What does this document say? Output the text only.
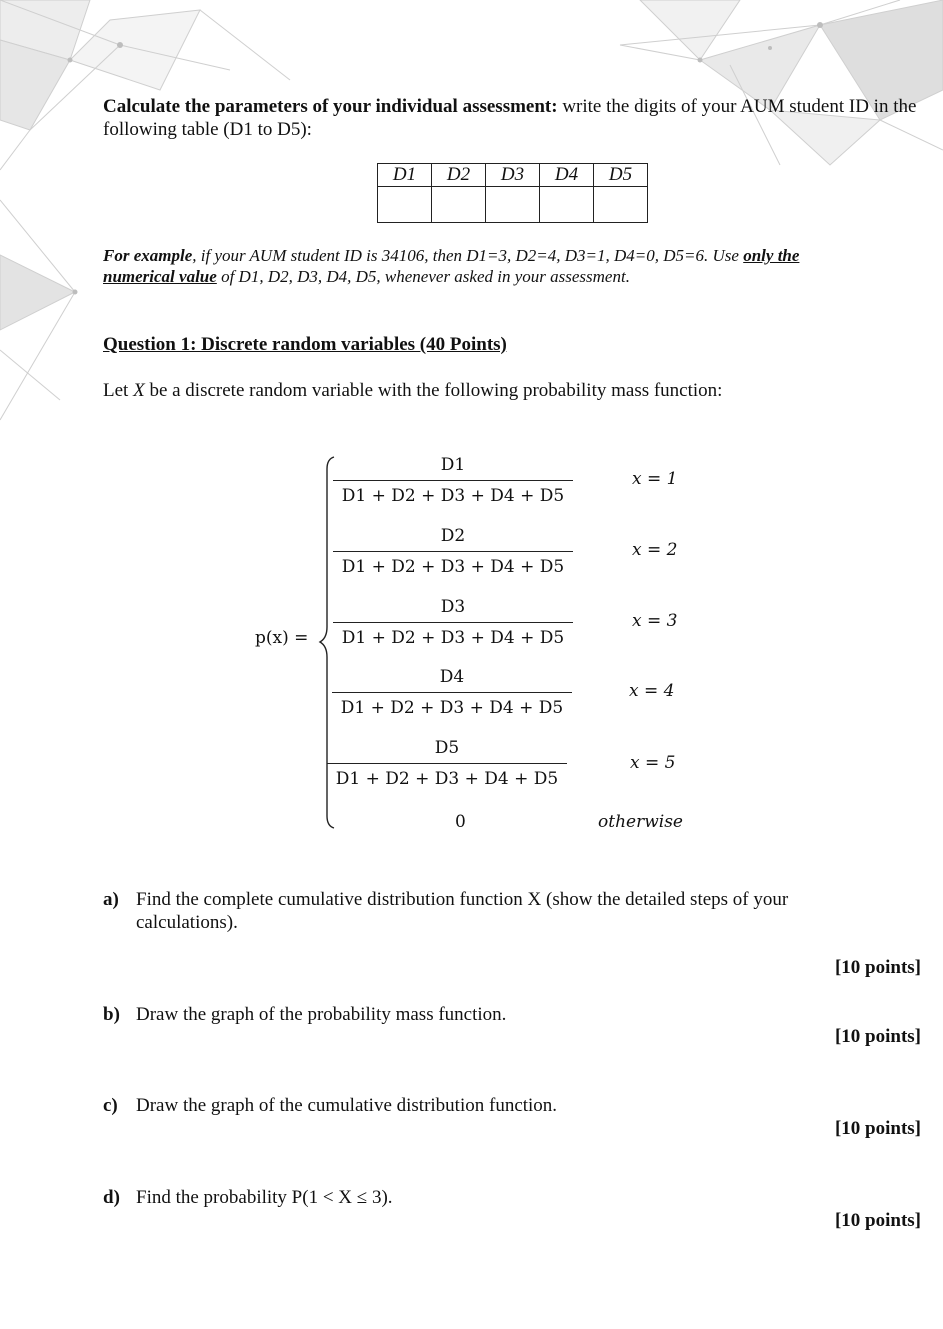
Calculate the parameters of your individual assessment: write the digits of your AUM student ID in the following table (D1 to D5):
D1	D2	D3	D4	D5

For example, if your AUM student ID is 34106, then D1=3, D2=4, D3=1, D4=0, D5=6. Use only the numerical value of D1, D2, D3, D4, D5, whenever asked in your assessment.
Question 1: Discrete random variables (40 Points)
Let X be a discrete random variable with the following probability mass function:
p(x) =
D1
D1 + D2 + D3 + D4 + D5
x = 1
D2
D1 + D2 + D3 + D4 + D5
x = 2
D3
D1 + D2 + D3 + D4 + D5
x = 3
D4
D1 + D2 + D3 + D4 + D5
x = 4
D5
D1 + D2 + D3 + D4 + D5
x = 5
0	otherwise
a) Find the complete cumulative distribution function X (show the detailed steps of your calculations).
[10 points]
b) Draw the graph of the probability mass function.
[10 points]
c) Draw the graph of the cumulative distribution function.
[10 points]
d) Find the probability P(1 < X ≤ 3).
[10 points]
